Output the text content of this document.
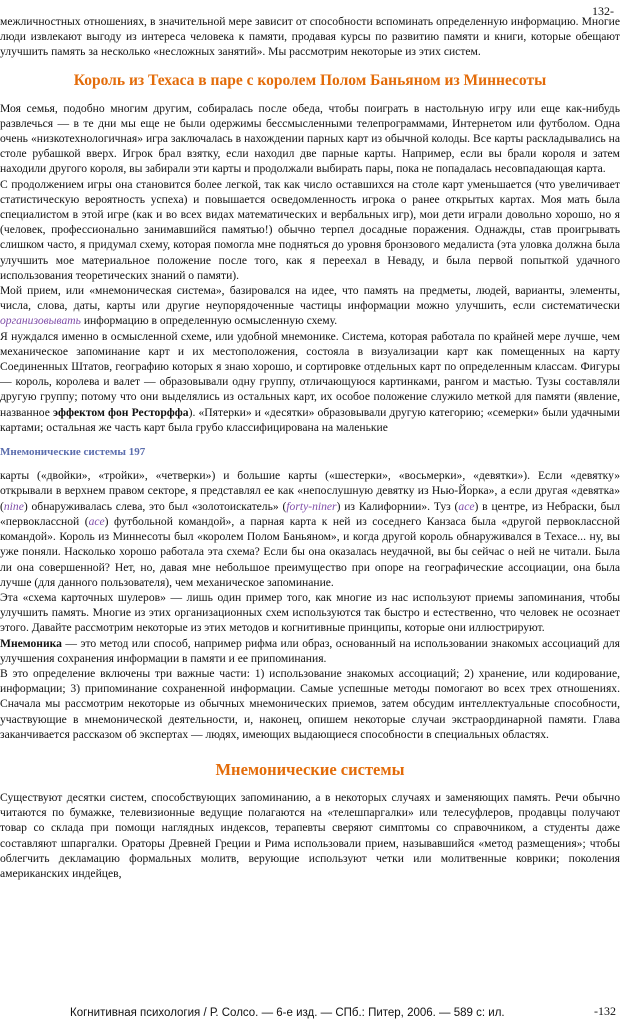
132-

межличностных отношениях, в значительной мере зависит от способности вспоминать определенную информацию. Многие люди извлекают выгоду из интереса человека к памяти, продавая курсы по развитию памяти и книги, которые обещают улучшить память за несколько «несложных занятий». Мы рассмотрим некоторые из этих систем.

Король из Техаса в паре с королем Полом Баньяном из Миннесоты

Моя семья, подобно многим другим, собиралась после обеда, чтобы поиграть в настольную игру или еще как-нибудь развлечься — в те дни мы еще не были одержимы бессмысленными телепрограммами, Интернетом или футболом. Одна очень «низкотехнологичная» игра заключалась в нахождении парных карт из обычной колоды. Все карты раскладывались на столе рубашкой вверх. Игрок брал взятку, если находил две парные карты. Например, если вы брали короля и затем находили другого короля, вы забирали эти карты и продолжали выбирать пары, пока не попадалась несовпадающая карта.

С продолжением игры она становится более легкой, так как число оставшихся на столе карт уменьшается (что увеличивает статистическую вероятность успеха) и повышается осведомленность игрока о ранее открытых картах. Моя мать была специалистом в этой игре (как и во всех видах математических и вербальных игр), мои дети играли довольно хорошо, но я (человек, профессионально занимавшийся памятью!) обычно терпел досадные поражения. Однажды, став проигрывать слишком часто, я придумал схему, которая помогла мне подняться до уровня бронзового медалиста (эта уловка должна была улучшить мое материальное положение после того, как я переехал в Неваду, и была первой попыткой удачного использования теоретических знаний о памяти).

Мой прием, или «мнемоническая система», базировался на идее, что память на предметы, людей, варианты, элементы, числа, слова, даты, карты или другие неупорядоченные частицы информации можно улучшить, если систематически организовывать информацию в определенную осмысленную схему.

Я нуждался именно в осмысленной схеме, или удобной мнемонике. Система, которая работала по крайней мере лучше, чем механическое запоминание карт и их местоположения, состояла в визуализации карт как помещенных на карту Соединенных Штатов, географию которых я знаю хорошо, и сортировке отдельных карт по определенным классам. Фигуры — король, королева и валет — образовывали одну группу, отличающуюся картинками, рангом и мастью. Тузы составляли другую группу; потому что они выделялись из остальных карт, их особое положение служило меткой для памяти (явление, названное эффектом фон Ресторффа). «Пятерки» и «десятки» образовывали другую категорию; «семерки» были удачными картами; остальная же часть карт была грубо классифицирована на маленькие

Мнемонические системы 197

карты («двойки», «тройки», «четверки») и большие карты («шестерки», «восьмерки», «девятки»). Если «девятку» открывали в верхнем правом секторе, я представлял ее как «непослушную девятку из Нью-Йорка», а если другая «девятка» (nine) обнаруживалась слева, это был «золотоискатель» (forty-niner) из Калифорнии». Туз (ace) в центре, из Небраски, был «первоклассной (ace) футбольной командой», а парная карта к ней из соседнего Канзаса была «другой первоклассной командой». Король из Миннесоты был «королем Полом Баньяном», и когда другой король обнаруживался в Техасе... ну, вы уже поняли. Насколько хорошо работала эта схема? Если бы она оказалась неудачной, вы бы сейчас о ней не читали. Была ли она совершенной? Нет, но, давая мне небольшое преимущество при опоре на географические ассоциации, она была лучше (для данного пользователя), чем механическое запоминание.

Эта «схема карточных шулеров» — лишь один пример того, как многие из нас используют приемы запоминания, чтобы улучшить память. Многие из этих организационных схем используются так быстро и естественно, что человек не осознает этого. Давайте рассмотрим некоторые из этих методов и когнитивные принципы, которые они иллюстрируют.

Мнемоника — это метод или способ, например рифма или образ, основанный на использовании знакомых ассоциаций для улучшения сохранения информации в памяти и ее припоминания.

В это определение включены три важные части: 1) использование знакомых ассоциаций; 2) хранение, или кодирование, информации; 3) припоминание сохраненной информации. Самые успешные методы помогают во всех трех отношениях. Сначала мы рассмотрим некоторые из обычных мнемонических приемов, затем обсудим интеллектуальные способности, участвующие в мнемонической деятельности, и, наконец, опишем некоторые случаи экстраординарной памяти. Глава заканчивается рассказом об экспертах — людях, имеющих выдающиеся способности в специальных областях.

Мнемонические системы

Существуют десятки систем, способствующих запоминанию, а в некоторых случаях и заменяющих память. Речи обычно читаются по бумажке, телевизионные ведущие полагаются на «телешпаргалки» или телесуфлеров, продавцы получают товар со склада при помощи наглядных индексов, терапевты сверяют симптомы со справочником, а студенты даже составляют шпаргалки. Ораторы Древней Греции и Рима использовали прием, называвшийся «метод размещения»; чтобы облегчить декламацию формальных молитв, верующие используют четки или молитвенные коврики; поколения американских индейцев,

Когнитивная психология / Р. Солсо. — 6-е изд. — СПб.: Питер, 2006. — 589 с: ил.	-132
